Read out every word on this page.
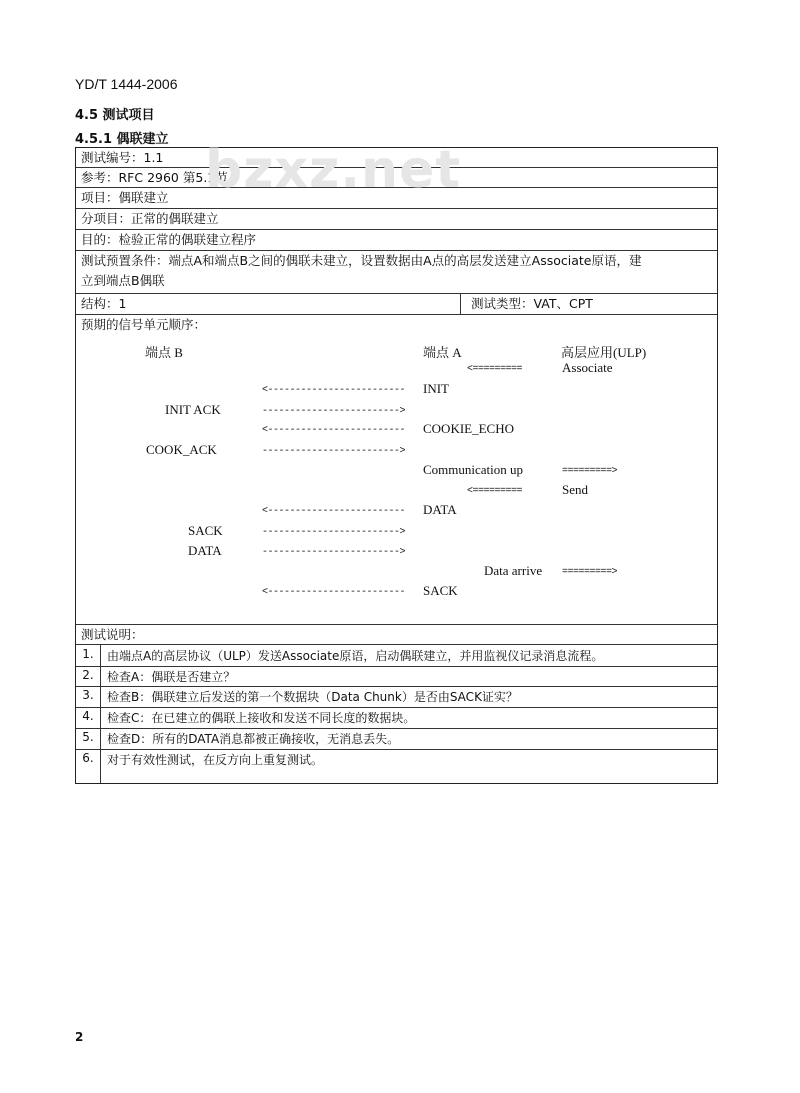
YD/T 1444-2006
4.5 测试项目
4.5.1 偶联建立
测试编号：1.1
参考：RFC 2960 第5.1节
项目：偶联建立
分项目：正常的偶联建立
目的：检验正常的偶联建立程序
测试预置条件：端点A和端点B之间的偶联未建立，设置数据由A点的高层发送建立Associate原语，建
立到端点B偶联
结构：1	测试类型：VAT、CPT
预期的信号单元顺序：
测试说明：
1.	由端点A的高层协议（ULP）发送Associate原语，启动偶联建立，并用监视仪记录消息流程。
2.	检查A：偶联是否建立？
3.	检查B：偶联建立后发送的第一个数据块（Data Chunk）是否由SACK证实？
4.	检查C：在已建立的偶联上接收和发送不同长度的数据块。
5.	检查D：所有的DATA消息都被正确接收，无消息丢失。
6.	对于有效性测试，在反方向上重复测试。
端点 B	端点 A	高层应用(ULP)
<=========	Associate
<------------------------- INIT
INIT ACK	------------------------->
<------------------------- COOKIE_ECHO
COOK_ACK	------------------------->
Communication up	=========>
<=========	Send
<------------------------- DATA
SACK	------------------------->
DATA	------------------------->
Data arrive =========>
<------------------------- SACK
bzxz.net
2
